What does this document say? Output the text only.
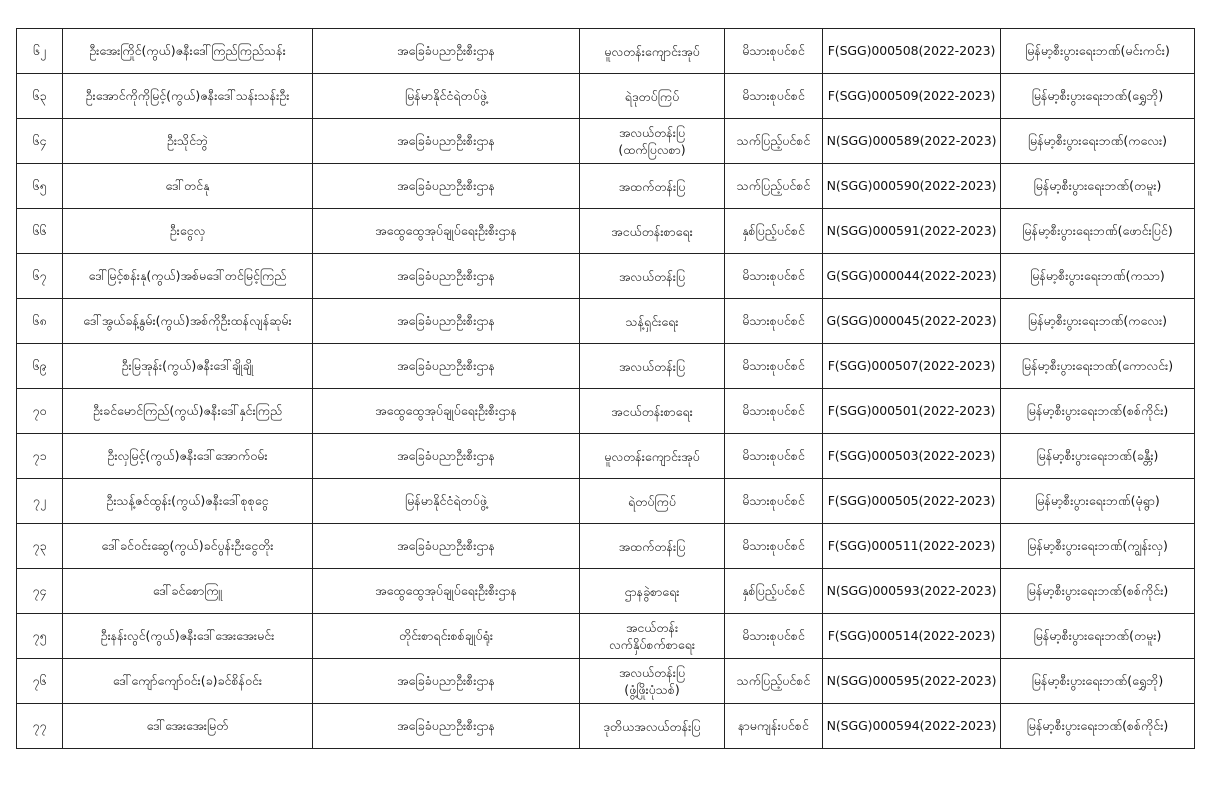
၆၂	ဦးအေးကြိုင်(ကွယ်)ဇနီးဒေါ်ကြည်ကြည်သန်း	အခြေခံပညာဦးစီးဌာန	မူလတန်းကျောင်းအုပ်	မိသားစုပင်စင်	F(SGG)000508(2022-2023)	မြန်မာ့စီးပွားရေးဘဏ်(မင်းကင်း)
၆၃	ဦးအောင်ကိုကိုမြင့်(ကွယ်)ဇနီးဒေါ်သန်းသန်းဦး	မြန်မာနိုင်ငံရဲတပ်ဖွဲ့	ရဲဒုတပ်ကြပ်	မိသားစုပင်စင်	F(SGG)000509(2022-2023)	မြန်မာ့စီးပွားရေးဘဏ်(ရွှေဘို)
၆၄	ဦးသိုင်ဘွဲ	အခြေခံပညာဦးစီးဌာန	အလယ်တန်းပြ
(ထက်ပြလစာ)	သက်ပြည့်ပင်စင်	N(SGG)000589(2022-2023)	မြန်မာ့စီးပွားရေးဘဏ်(ကလေး)
၆၅	ဒေါ်တင်နု	အခြေခံပညာဦးစီးဌာန	အထက်တန်းပြ	သက်ပြည့်ပင်စင်	N(SGG)000590(2022-2023)	မြန်မာ့စီးပွားရေးဘဏ်(တမူး)
၆၆	ဦးငွေလှ	အထွေထွေအုပ်ချုပ်ရေးဦးစီးဌာန	အငယ်တန်းစာရေး	နှစ်ပြည့်ပင်စင်	N(SGG)000591(2022-2023)	မြန်မာ့စီးပွားရေးဘဏ်(ဖောင်းပြင်)
၆၇	ဒေါ်မြင့်စန်းနု(ကွယ်)အစ်မဒေါ်တင်မြင့်ကြည်	အခြေခံပညာဦးစီးဌာန	အလယ်တန်းပြ	မိသားစုပင်စင်	G(SGG)000044(2022-2023)	မြန်မာ့စီးပွားရေးဘဏ်(ကသာ)
၆၈	ဒေါ်အွယ်ခန့်နွမ်း(ကွယ်)အစ်ကိုဦးထန်လျန်ဆုမ်း	အခြေခံပညာဦးစီးဌာန	သန့်ရှင်းရေး	မိသားစုပင်စင်	G(SGG)000045(2022-2023)	မြန်မာ့စီးပွားရေးဘဏ်(ကလေး)
၆၉	ဦးမြအုန်း(ကွယ်)ဇနီးဒေါ်ချိုချို	အခြေခံပညာဦးစီးဌာန	အလယ်တန်းပြ	မိသားစုပင်စင်	F(SGG)000507(2022-2023)	မြန်မာ့စီးပွားရေးဘဏ်(ကောလင်း)
၇၀	ဦးခင်မောင်ကြည်(ကွယ်)ဇနီးဒေါ်နှင်းကြည်	အထွေထွေအုပ်ချုပ်ရေးဦးစီးဌာန	အငယ်တန်းစာရေး	မိသားစုပင်စင်	F(SGG)000501(2022-2023)	မြန်မာ့စီးပွားရေးဘဏ်(စစ်ကိုင်း)
၇၁	ဦးလှမြင့်(ကွယ်)ဇနီးဒေါ်အောက်ဝမ်း	အခြေခံပညာဦးစီးဌာန	မူလတန်းကျောင်းအုပ်	မိသားစုပင်စင်	F(SGG)000503(2022-2023)	မြန်မာ့စီးပွားရေးဘဏ်(ခန္တီး)
၇၂	ဦးသန့်ဇင်ထွန်း(ကွယ်)ဇနီးဒေါ်စုစုငွေ	မြန်မာနိုင်ငံရဲတပ်ဖွဲ့	ရဲတပ်ကြပ်	မိသားစုပင်စင်	F(SGG)000505(2022-2023)	မြန်မာ့စီးပွားရေးဘဏ်(မုံရွာ)
၇၃	ဒေါ်ခင်ဝင်းဆွေ(ကွယ်)ခင်ပွန်းဦးငွေတိုး	အခြေခံပညာဦးစီးဌာန	အထက်တန်းပြ	မိသားစုပင်စင်	F(SGG)000511(2022-2023)	မြန်မာ့စီးပွားရေးဘဏ်(ကျွန်းလှ)
၇၄	ဒေါ်ခင်စောကြူ	အထွေထွေအုပ်ချုပ်ရေးဦးစီးဌာန	ဌာနခွဲစာရေး	နှစ်ပြည့်ပင်စင်	N(SGG)000593(2022-2023)	မြန်မာ့စီးပွားရေးဘဏ်(စစ်ကိုင်း)
၇၅	ဦးနန်းလွင်(ကွယ်)ဇနီးဒေါ်အေးအေးမင်း	တိုင်းစာရင်းစစ်ချုပ်ရုံး	အငယ်တန်း
လက်နှိပ်စက်စာရေး	မိသားစုပင်စင်	F(SGG)000514(2022-2023)	မြန်မာ့စီးပွားရေးဘဏ်(တမူး)
၇၆	ဒေါ်ကျော်ကျော်ဝင်း(ခ)ခင်စိန်ဝင်း	အခြေခံပညာဦးစီးဌာန	အလယ်တန်းပြ
(ဖွံ့ဖြိုးပုံသစ်)	သက်ပြည့်ပင်စင်	N(SGG)000595(2022-2023)	မြန်မာ့စီးပွားရေးဘဏ်(ရွှေဘို)
၇၇	ဒေါ်အေးအေးမြတ်	အခြေခံပညာဦးစီးဌာန	ဒုတိယအလယ်တန်းပြ	နာမကျန်းပင်စင်	N(SGG)000594(2022-2023)	မြန်မာ့စီးပွားရေးဘဏ်(စစ်ကိုင်း)
